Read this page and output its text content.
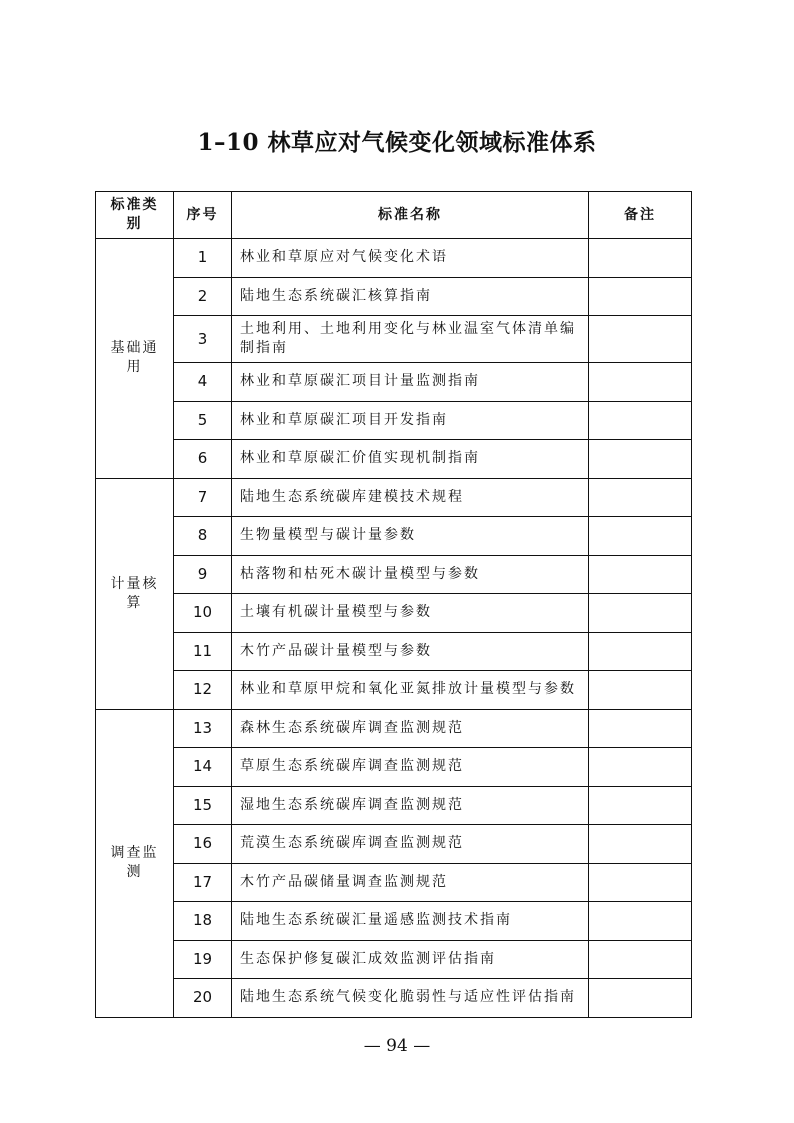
1–10 林草应对气候变化领域标准体系
标准类别	序号	标准名称	备注
基础通用	1	林业和草原应对气候变化术语	
	2	陆地生态系统碳汇核算指南	
	3	土地利用、土地利用变化与林业温室气体清单编制指南	
	4	林业和草原碳汇项目计量监测指南	
	5	林业和草原碳汇项目开发指南	
	6	林业和草原碳汇价值实现机制指南	
计量核算	7	陆地生态系统碳库建模技术规程	
	8	生物量模型与碳计量参数	
	9	枯落物和枯死木碳计量模型与参数	
	10	土壤有机碳计量模型与参数	
	11	木竹产品碳计量模型与参数	
	12	林业和草原甲烷和氧化亚氮排放计量模型与参数	
调查监测	13	森林生态系统碳库调查监测规范	
	14	草原生态系统碳库调查监测规范	
	15	湿地生态系统碳库调查监测规范	
	16	荒漠生态系统碳库调查监测规范	
	17	木竹产品碳储量调查监测规范	
	18	陆地生态系统碳汇量遥感监测技术指南	
	19	生态保护修复碳汇成效监测评估指南	
	20	陆地生态系统气候变化脆弱性与适应性评估指南	
— 94 —
